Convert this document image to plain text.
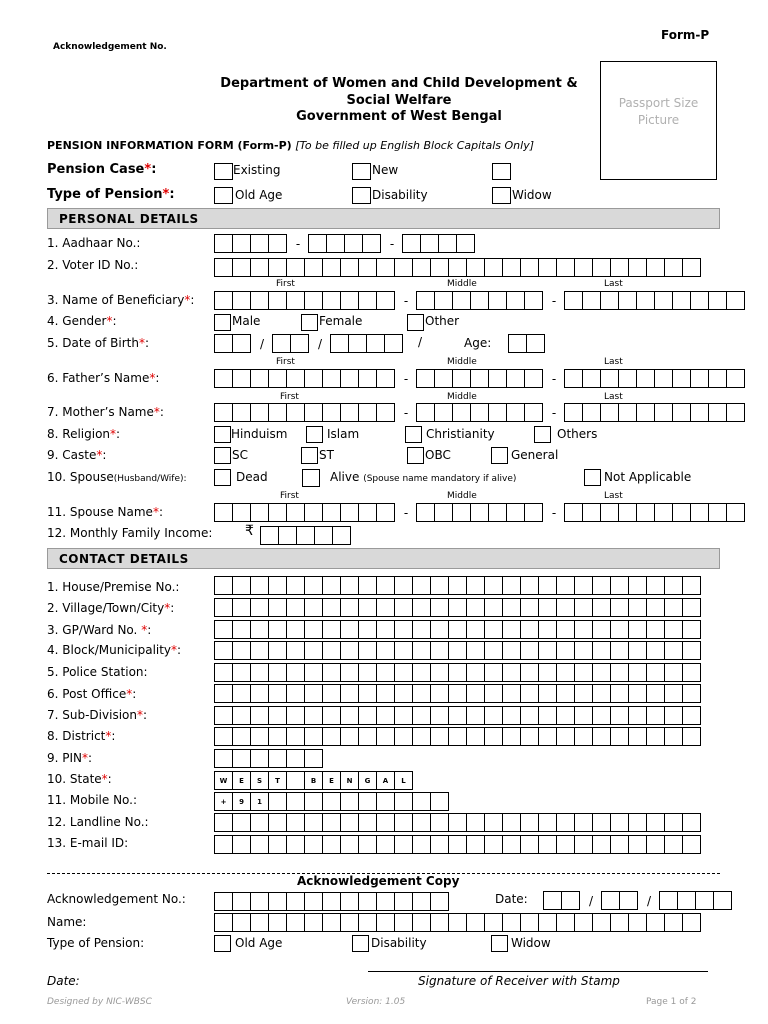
Acknowledgement No.
Form-P
Department of Women and Child Development &
Social Welfare
Government of West Bengal
Passport Size
Picture
PENSION INFORMATION FORM (Form-P) [To be filled up English Block Capitals Only]
Pension Case*:	Existing	New
Type of Pension*:	Old Age	Disability	Widow
PERSONAL DETAILS
1. Aadhaar No.:	-	-
2. Voter ID No.:
First	Middle	Last
3. Name of Beneficiary*:	-	-
4. Gender*:	Male	Female	Other
5. Date of Birth*:	/	/	/	Age:
First	Middle	Last
6. Father’s Name*:	-	-
First	Middle	Last
7. Mother’s Name*:	-	-
8. Religion*:	Hinduism	Islam	Christianity	Others
9. Caste*:	SC	ST	OBC	General
10. Spouse(Husband/Wife):	Dead	Alive (Spouse name mandatory if alive)	Not Applicable
First	Middle	Last
11. Spouse Name*:	-	-
12. Monthly Family Income: ₹
CONTACT DETAILS
1. House/Premise No.:
2. Village/Town/City*:
3. GP/Ward No. *:
4. Block/Municipality*:
5. Police Station:
6. Post Office*:
7. Sub-Division*:
8. District*:
9. PIN*:
10. State*:	W	E	S	T	B	E	N	G	A	L
11. Mobile No.:	+	9	1
12. Landline No.:
13. E-mail ID:
Acknowledgement Copy
Acknowledgement No.:	Date:	/	/
Name:
Type of Pension:	Old Age	Disability	Widow
Date:	Signature of Receiver with Stamp
Designed by NIC-WBSC	Version: 1.05	Page 1 of 2
